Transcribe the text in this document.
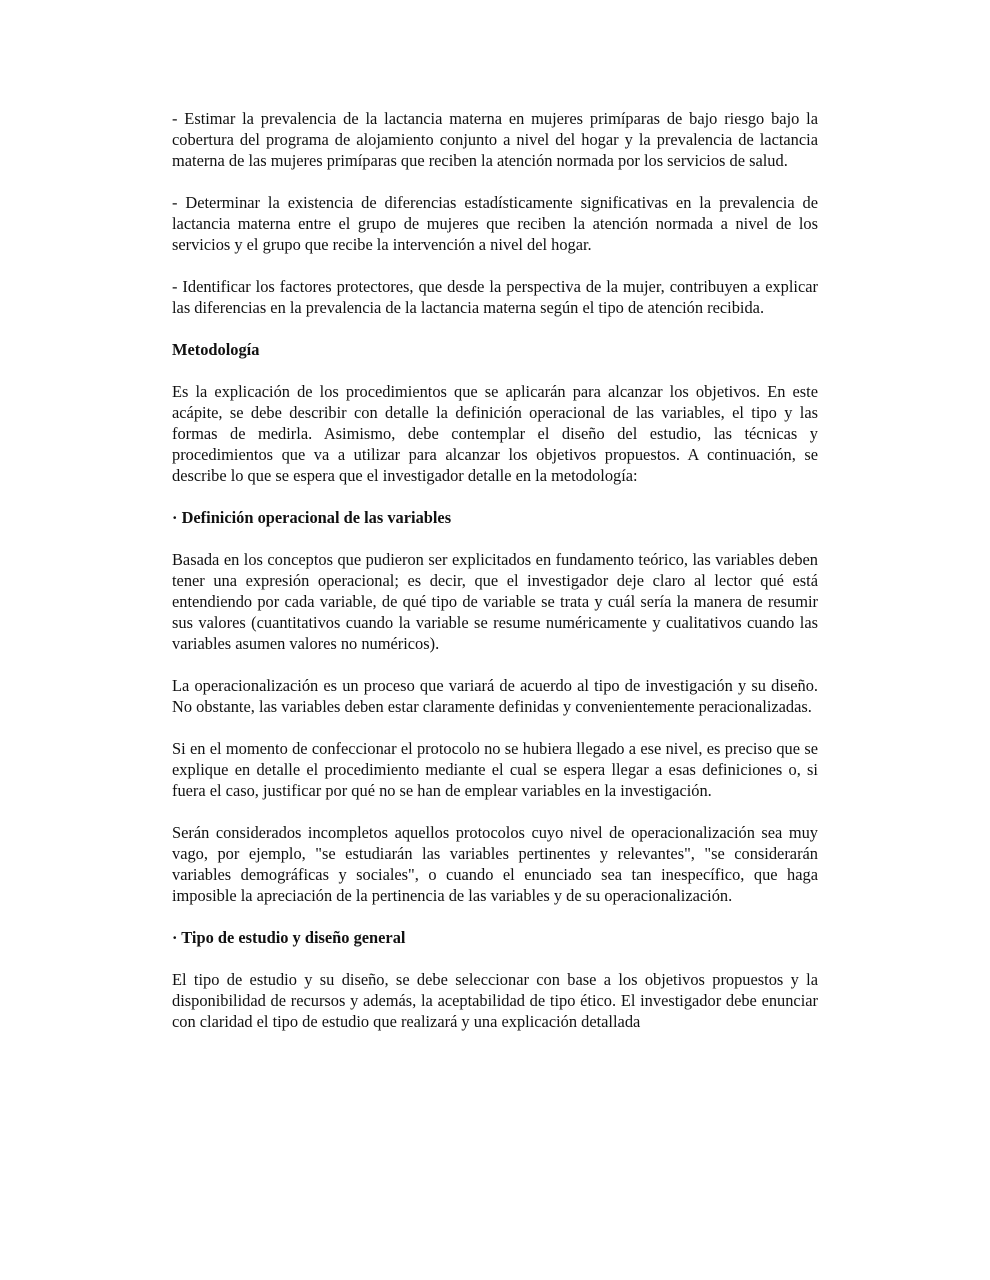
- Estimar la prevalencia de la lactancia materna en mujeres primíparas de bajo riesgo bajo la cobertura del programa de alojamiento conjunto a nivel del hogar y la prevalencia de lactancia materna de las mujeres primíparas que reciben la atención normada por los servicios de salud.

- Determinar la existencia de diferencias estadísticamente significativas en la prevalencia de lactancia materna entre el grupo de mujeres que reciben la atención normada a nivel de los servicios y el grupo que recibe la intervención a nivel del hogar.

- Identificar los factores protectores, que desde la perspectiva de la mujer, contribuyen a explicar las diferencias en la prevalencia de la lactancia materna según el tipo de atención recibida.

Metodología

Es la explicación de los procedimientos que se aplicarán para alcanzar los objetivos. En este acápite, se debe describir con detalle la definición operacional de las variables, el tipo y las formas de medirla. Asimismo, debe contemplar el diseño del estudio, las técnicas y procedimientos que va a utilizar para alcanzar los objetivos propuestos. A continuación, se describe lo que se espera que el investigador detalle en la metodología:

· Definición operacional de las variables

Basada en los conceptos que pudieron ser explicitados en fundamento teórico, las variables deben tener una expresión operacional; es decir, que el investigador deje claro al lector qué está entendiendo por cada variable, de qué tipo de variable se trata y cuál sería la manera de resumir sus valores (cuantitativos cuando la variable se resume numéricamente y cualitativos cuando las variables asumen valores no numéricos).

La operacionalización es un proceso que variará de acuerdo al tipo de investigación y su diseño. No obstante, las variables deben estar claramente definidas y convenientemente peracionalizadas.

Si en el momento de confeccionar el protocolo no se hubiera llegado a ese nivel, es preciso que se explique en detalle el procedimiento mediante el cual se espera llegar a esas definiciones o, si fuera el caso, justificar por qué no se han de emplear variables en la investigación.

Serán considerados incompletos aquellos protocolos cuyo nivel de operacionalización sea muy vago, por ejemplo, "se estudiarán las variables pertinentes y relevantes", "se considerarán variables demográficas y sociales", o cuando el enunciado sea tan inespecífico, que haga imposible la apreciación de la pertinencia de las variables y de su operacionalización.

· Tipo de estudio y diseño general

El tipo de estudio y su diseño, se debe seleccionar con base a los objetivos propuestos y la disponibilidad de recursos y además, la aceptabilidad de tipo ético. El investigador debe enunciar con claridad el tipo de estudio que realizará y una explicación detallada
